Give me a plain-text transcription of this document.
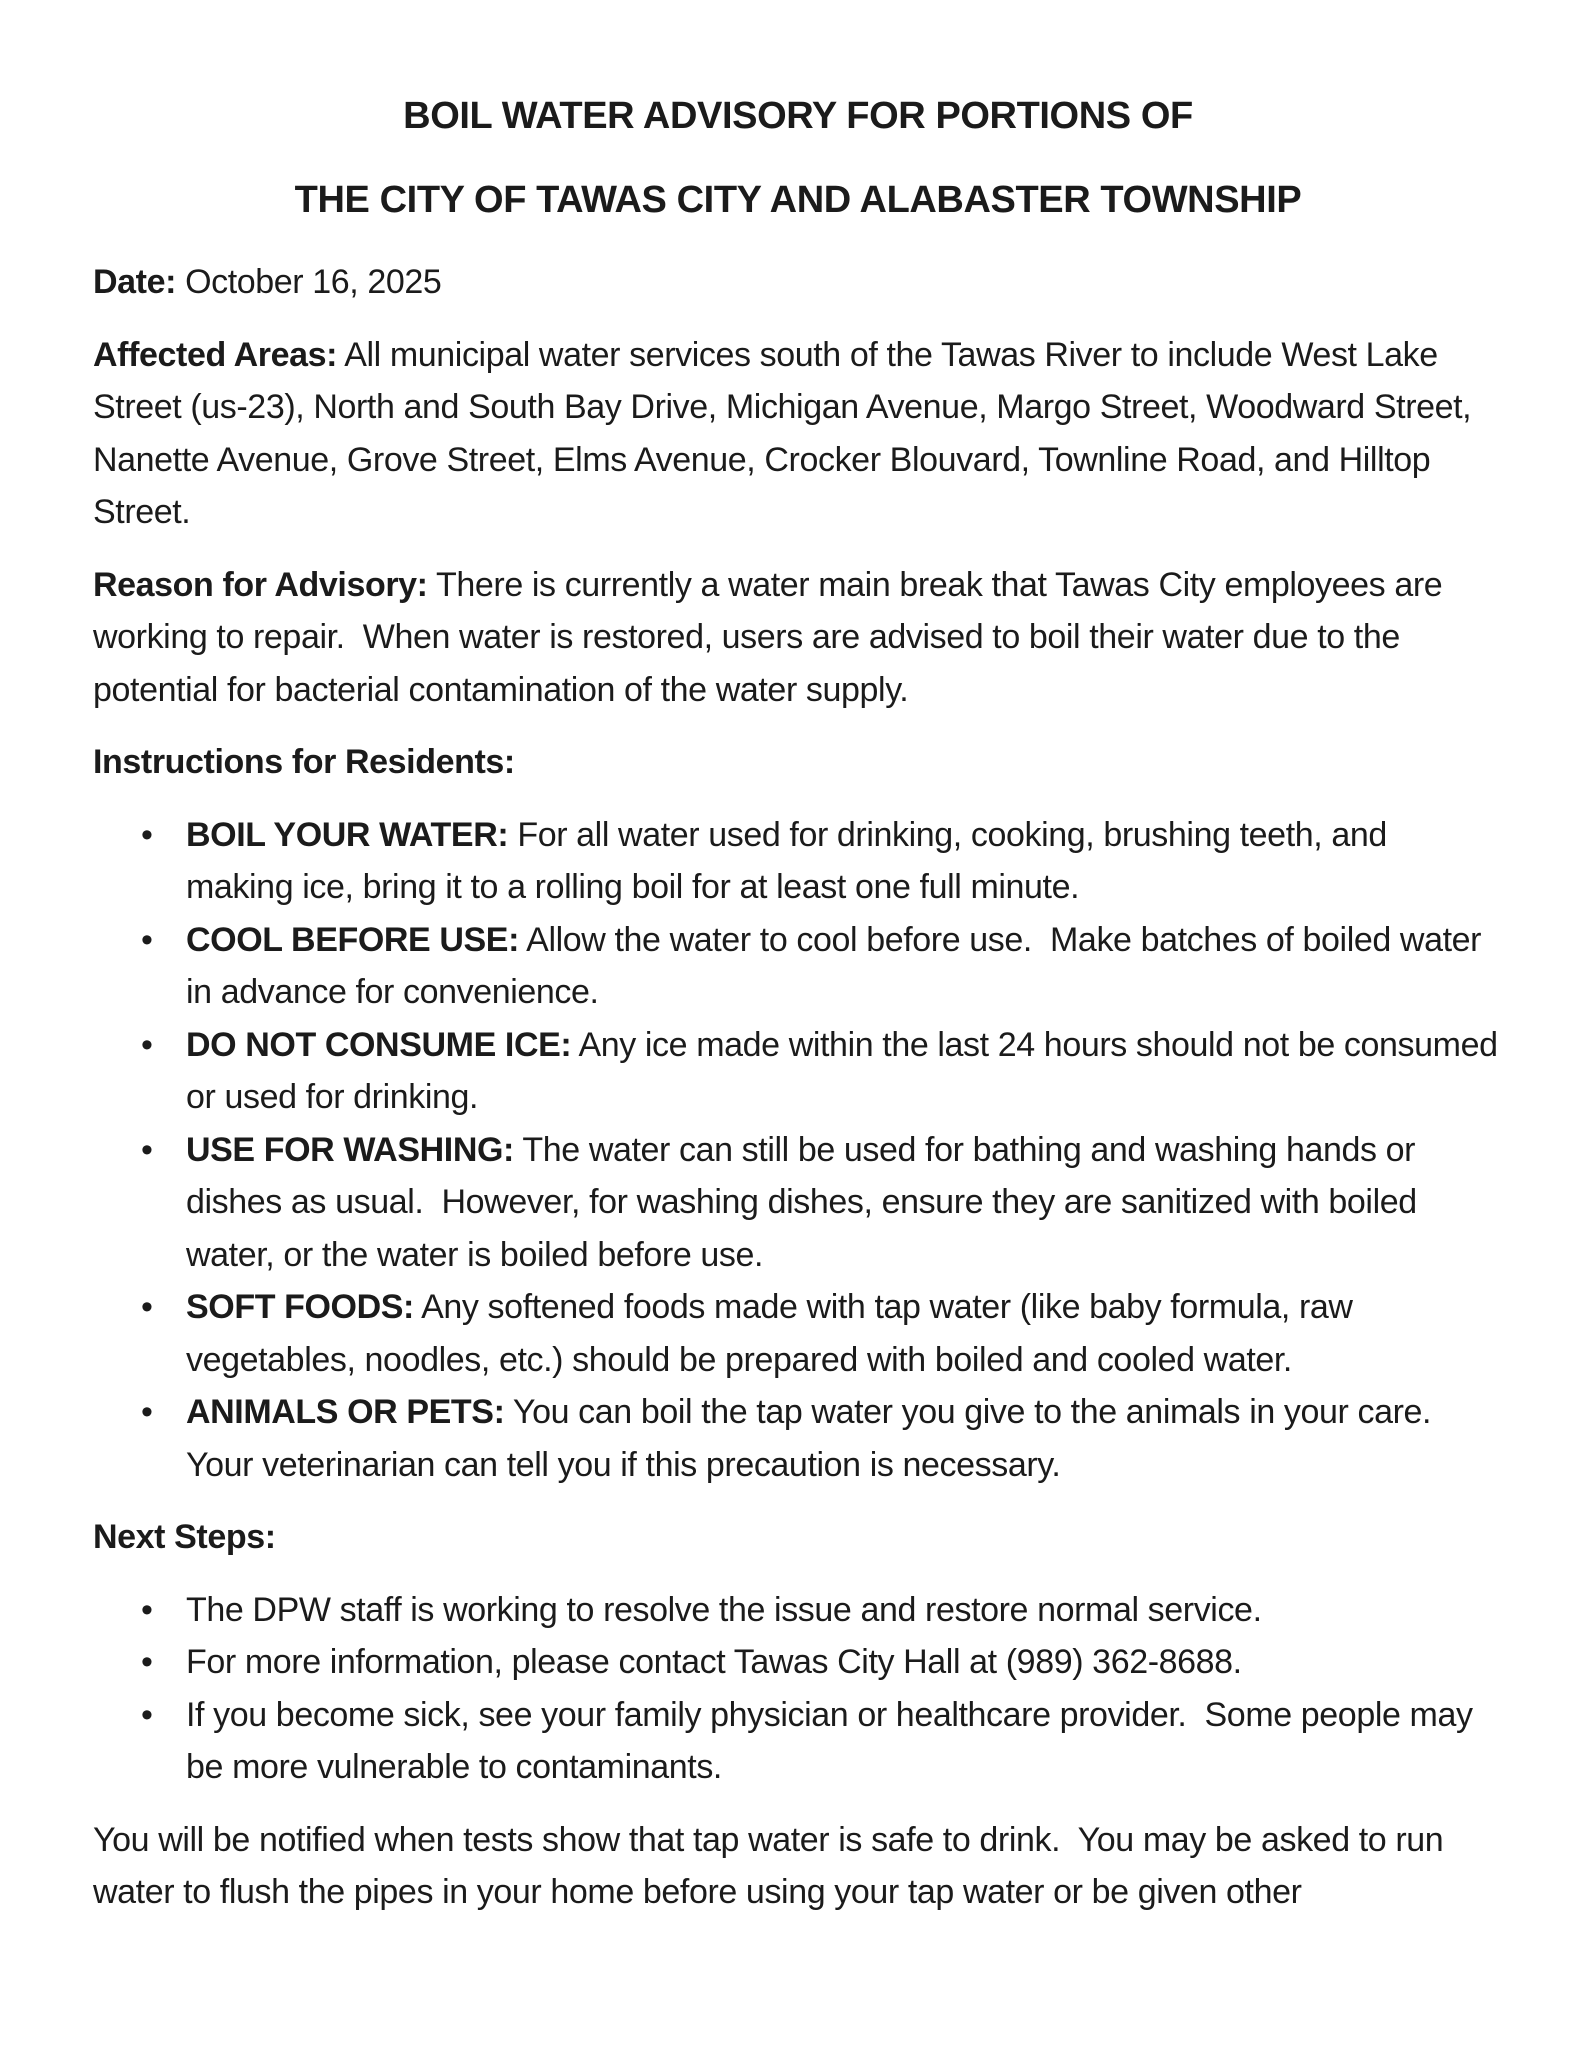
BOIL WATER ADVISORY FOR PORTIONS OF
THE CITY OF TAWAS CITY AND ALABASTER TOWNSHIP

Date: October 16, 2025

Affected Areas: All municipal water services south of the Tawas River to include West Lake Street (us-23), North and South Bay Drive, Michigan Avenue, Margo Street, Woodward Street, Nanette Avenue, Grove Street, Elms Avenue, Crocker Blouvard, Townline Road, and Hilltop Street.

Reason for Advisory: There is currently a water main break that Tawas City employees are working to repair.  When water is restored, users are advised to boil their water due to the potential for bacterial contamination of the water supply.

Instructions for Residents:

• BOIL YOUR WATER: For all water used for drinking, cooking, brushing teeth, and making ice, bring it to a rolling boil for at least one full minute.
• COOL BEFORE USE: Allow the water to cool before use.  Make batches of boiled water in advance for convenience.
• DO NOT CONSUME ICE: Any ice made within the last 24 hours should not be consumed or used for drinking.
• USE FOR WASHING: The water can still be used for bathing and washing hands or dishes as usual.  However, for washing dishes, ensure they are sanitized with boiled water, or the water is boiled before use.
• SOFT FOODS: Any softened foods made with tap water (like baby formula, raw vegetables, noodles, etc.) should be prepared with boiled and cooled water.
• ANIMALS OR PETS: You can boil the tap water you give to the animals in your care.  Your veterinarian can tell you if this precaution is necessary.

Next Steps:

• The DPW staff is working to resolve the issue and restore normal service.
• For more information, please contact Tawas City Hall at (989) 362-8688.
• If you become sick, see your family physician or healthcare provider.  Some people may be more vulnerable to contaminants.

You will be notified when tests show that tap water is safe to drink.  You may be asked to run water to flush the pipes in your home before using your tap water or be given other
